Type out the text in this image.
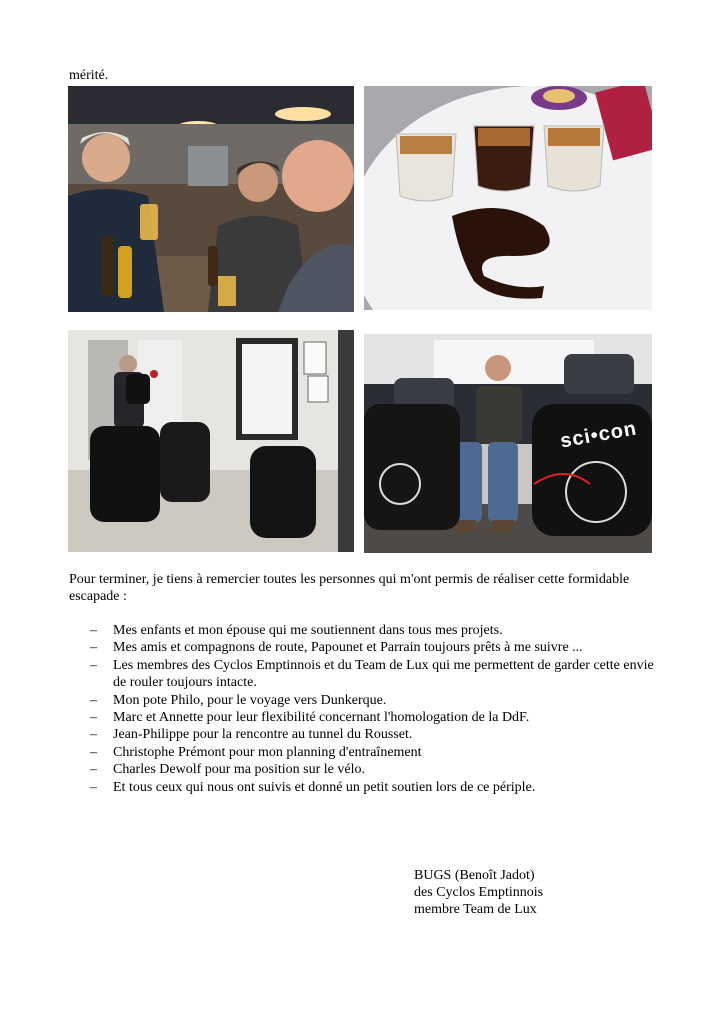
mérité.
sci•con
Pour terminer, je tiens à remercier toutes les personnes qui m'ont permis de réaliser cette formidable escapade :
– Mes enfants et mon épouse qui me soutiennent dans tous mes projets.
– Mes amis et compagnons de route, Papounet et Parrain toujours prêts à me suivre ...
– Les membres des Cyclos Emptinnois et du Team de Lux qui me permettent de garder cette envie de rouler toujours intacte.
– Mon pote Philo, pour le voyage vers Dunkerque.
– Marc et Annette pour leur flexibilité concernant l'homologation de la DdF.
– Jean-Philippe pour la rencontre au tunnel du Rousset.
– Christophe Prémont pour mon planning d'entraînement
– Charles Dewolf pour ma position sur le vélo.
– Et tous ceux qui nous ont suivis et donné un petit soutien lors de ce périple.
BUGS (Benoît Jadot)
des Cyclos Emptinnois
membre Team de Lux
